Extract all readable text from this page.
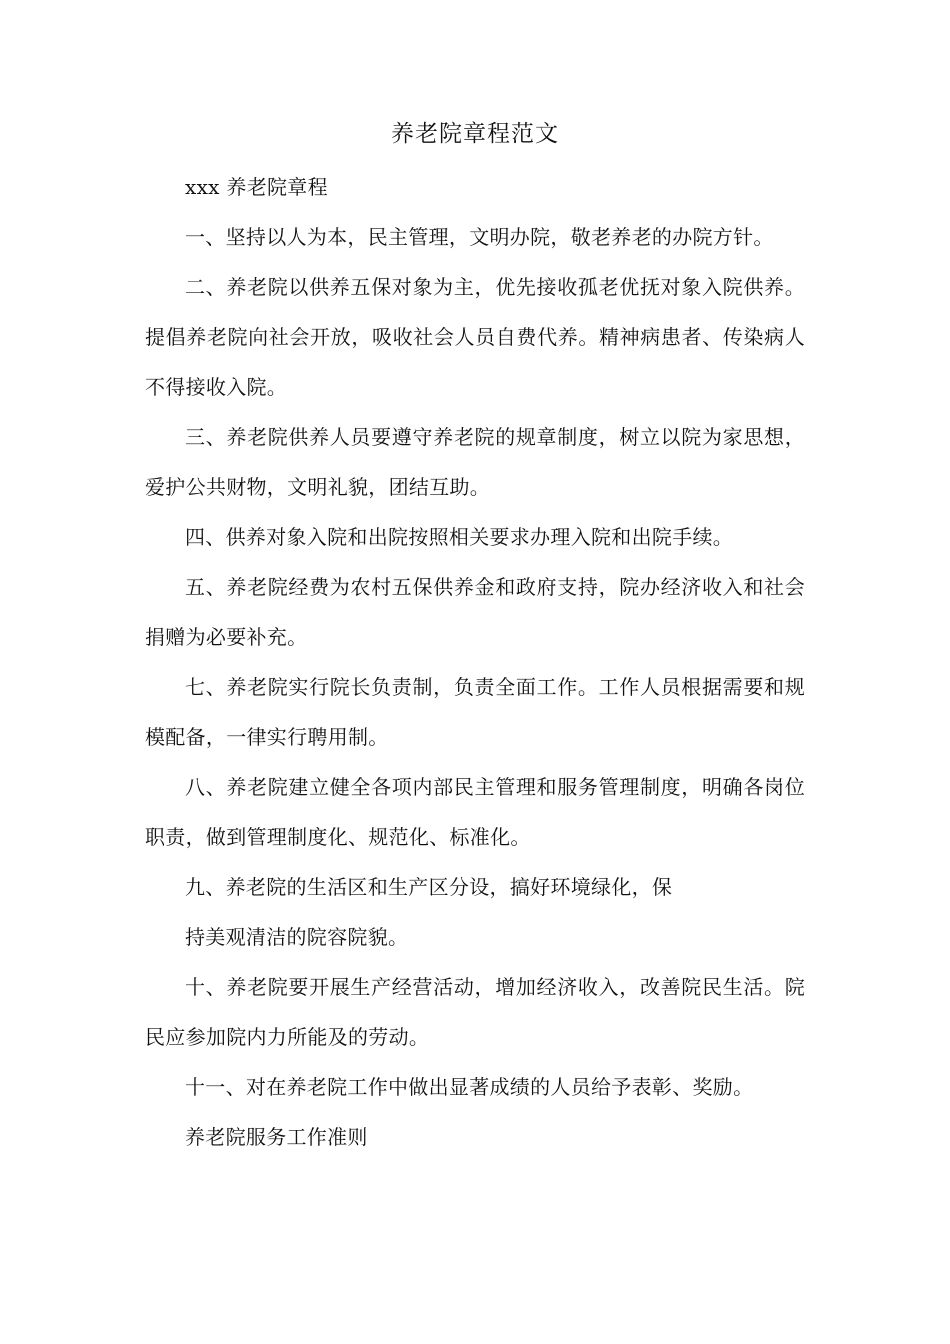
养老院章程范文

xxx 养老院章程

一、坚持以人为本，民主管理，文明办院，敬老养老的办院方针。

二、养老院以供养五保对象为主，优先接收孤老优抚对象入院供养。提倡养老院向社会开放，吸收社会人员自费代养。精神病患者、传染病人不得接收入院。

三、养老院供养人员要遵守养老院的规章制度，树立以院为家思想，爱护公共财物，文明礼貌，团结互助。

四、供养对象入院和出院按照相关要求办理入院和出院手续。

五、养老院经费为农村五保供养金和政府支持，院办经济收入和社会捐赠为必要补充。

七、养老院实行院长负责制，负责全面工作。工作人员根据需要和规模配备，一律实行聘用制。

八、养老院建立健全各项内部民主管理和服务管理制度，明确各岗位职责，做到管理制度化、规范化、标准化。

九、养老院的生活区和生产区分设，搞好环境绿化，保

持美观清洁的院容院貌。

十、养老院要开展生产经营活动，增加经济收入，改善院民生活。院民应参加院内力所能及的劳动。

十一、对在养老院工作中做出显著成绩的人员给予表彰、奖励。

养老院服务工作准则
